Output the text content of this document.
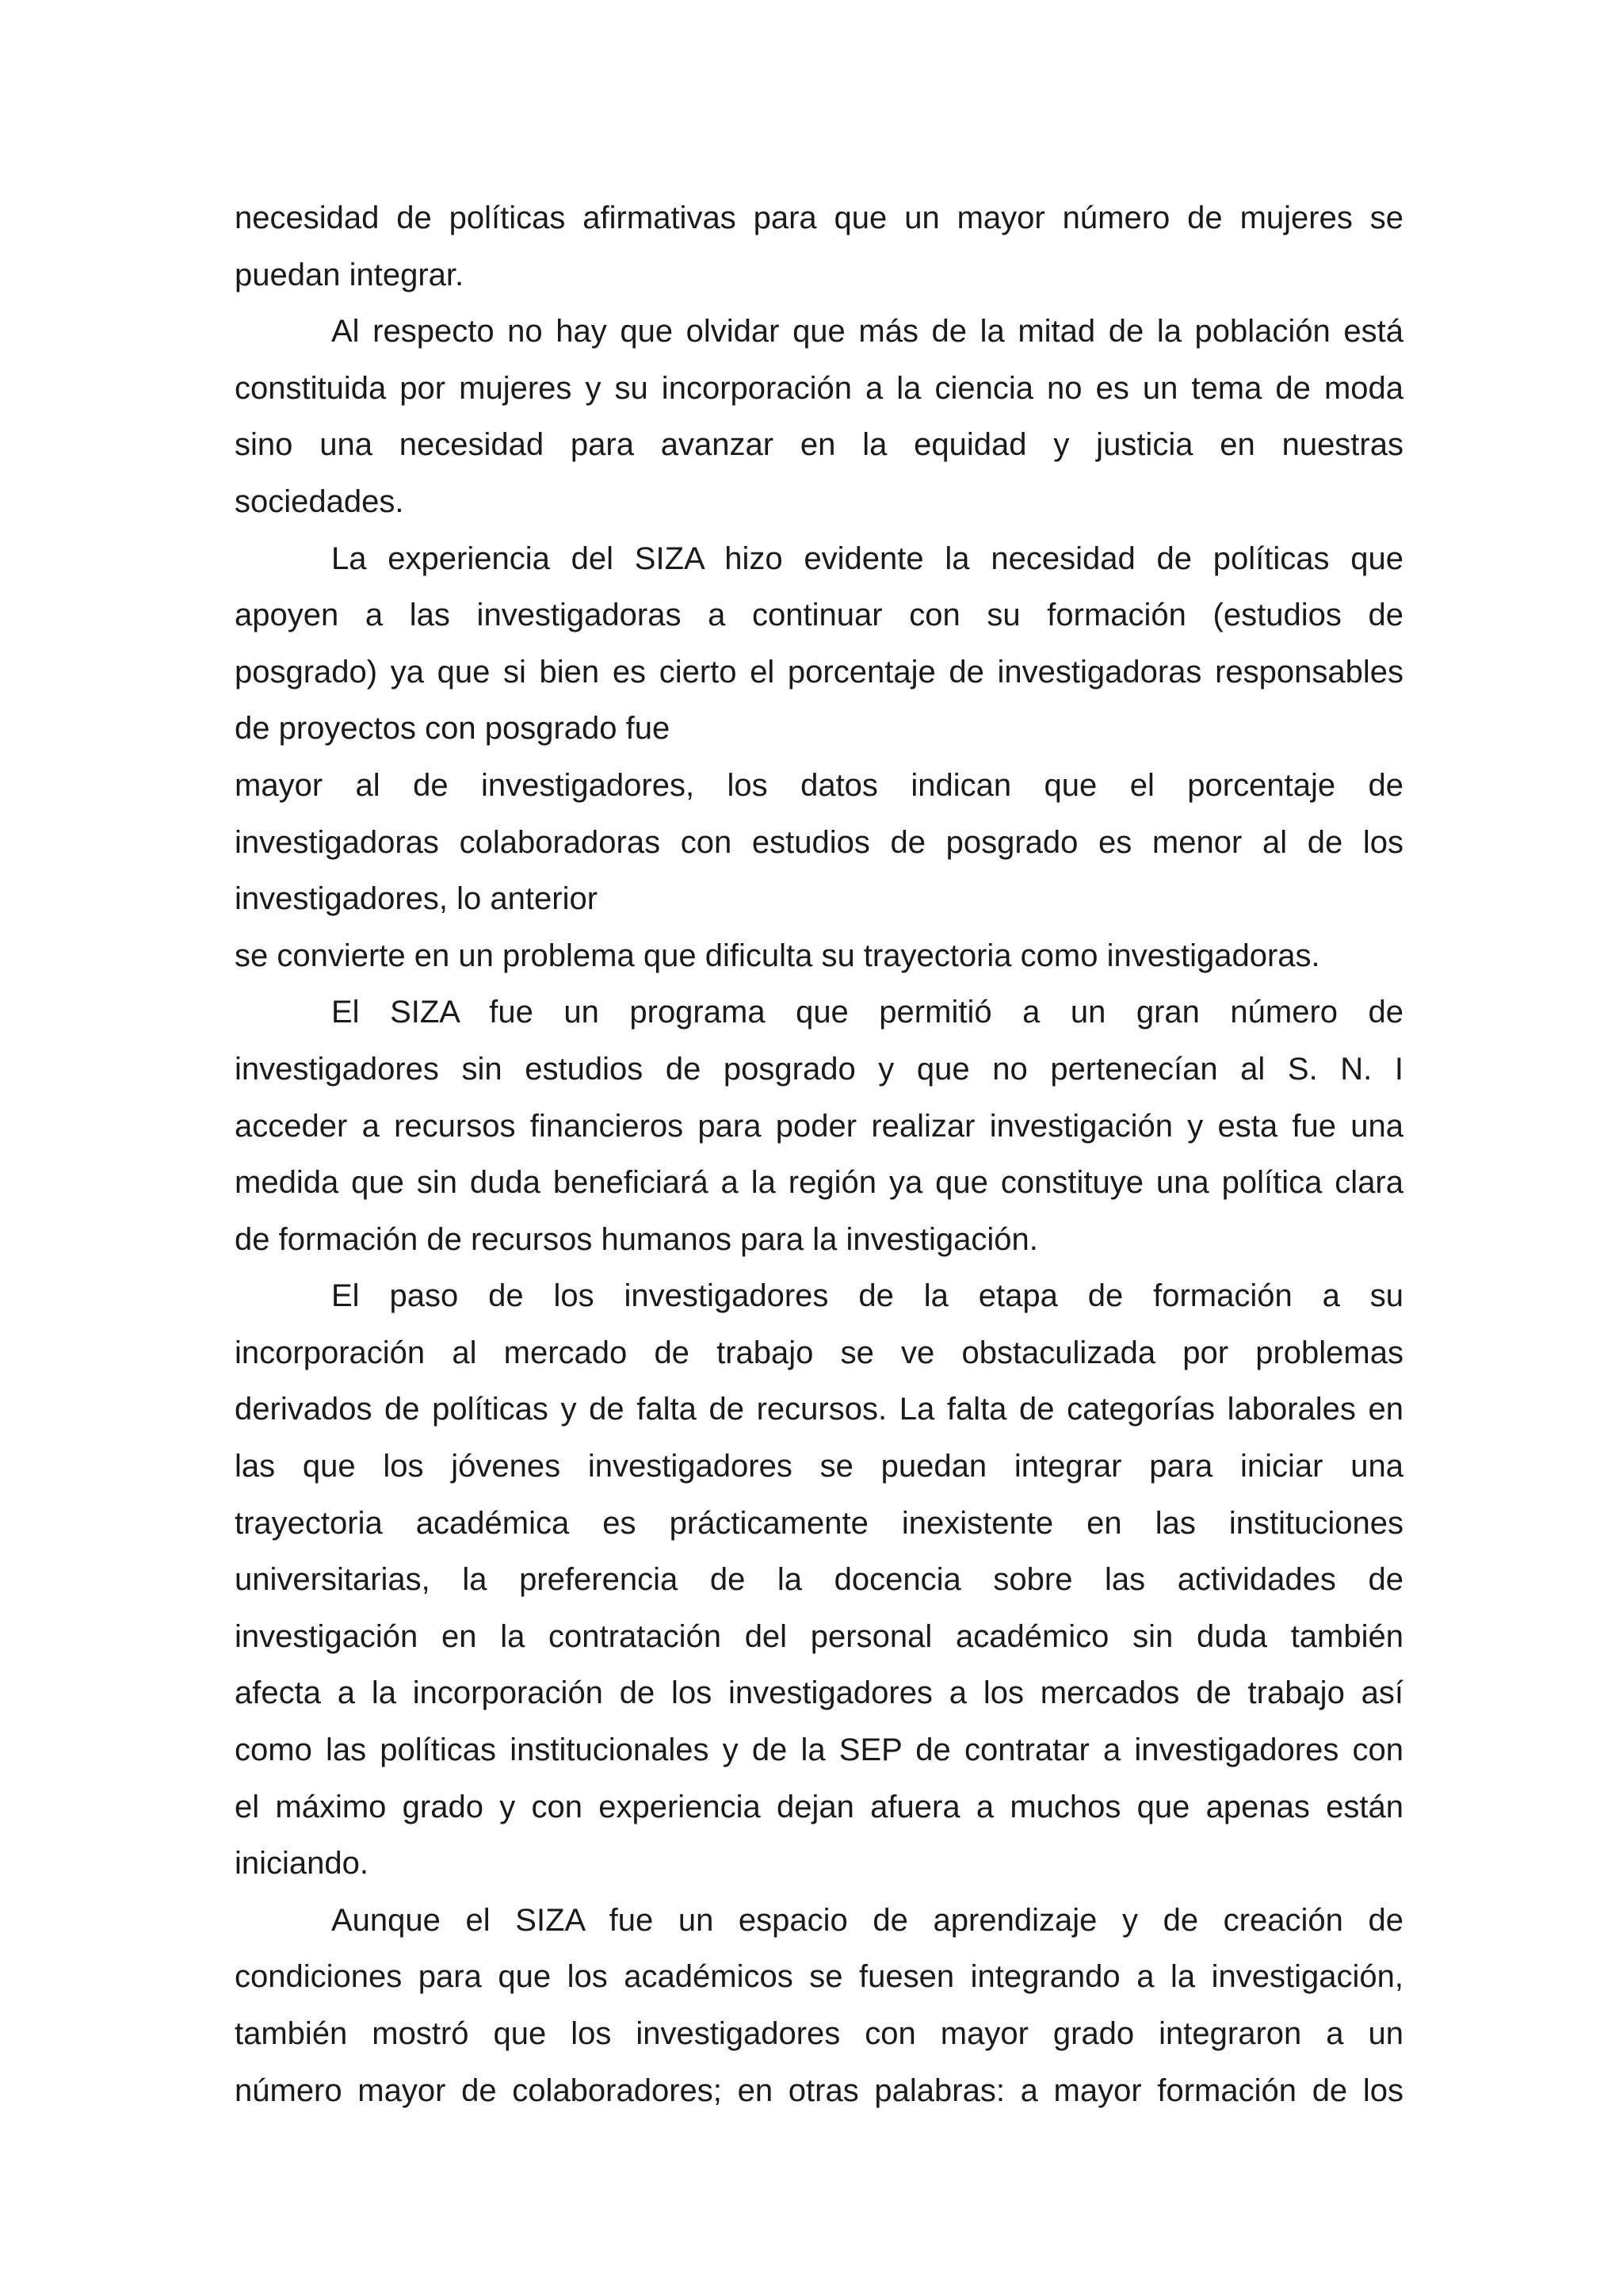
necesidad de políticas afirmativas para que un mayor número de mujeres se
puedan integrar.
Al respecto no hay que olvidar que más de la mitad de la población está
constituida por mujeres y su incorporación a la ciencia no es un tema de moda
sino una necesidad para avanzar en la equidad y justicia en nuestras
sociedades.
La experiencia del SIZA hizo evidente la necesidad de políticas que
apoyen a las investigadoras a continuar con su formación (estudios de
posgrado) ya que si bien es cierto el porcentaje de investigadoras responsables
de proyectos con posgrado fue
mayor al de investigadores, los datos indican que el porcentaje de
investigadoras colaboradoras con estudios de posgrado es menor al de los
investigadores, lo anterior
se convierte en un problema que dificulta su trayectoria como investigadoras.
El SIZA fue un programa que permitió a un gran número de
investigadores sin estudios de posgrado y que no pertenecían al S. N. I
acceder a recursos financieros para poder realizar investigación y esta fue una
medida que sin duda beneficiará a la región ya que constituye una política clara
de formación de recursos humanos para la investigación.
El paso de los investigadores de la etapa de formación a su
incorporación al mercado de trabajo se ve obstaculizada por problemas
derivados de políticas y de falta de recursos. La falta de categorías laborales en
las que los jóvenes investigadores se puedan integrar para iniciar una
trayectoria académica es prácticamente inexistente en las instituciones
universitarias, la preferencia de la docencia sobre las actividades de
investigación en la contratación del personal académico sin duda también
afecta a la incorporación de los investigadores a los mercados de trabajo así
como las políticas institucionales y de la SEP de contratar a investigadores con
el máximo grado y con experiencia dejan afuera a muchos que apenas están
iniciando.
Aunque el SIZA fue un espacio de aprendizaje y de creación de
condiciones para que los académicos se fuesen integrando a la investigación,
también mostró que los investigadores con mayor grado integraron a un
número mayor de colaboradores; en otras palabras: a mayor formación de los
